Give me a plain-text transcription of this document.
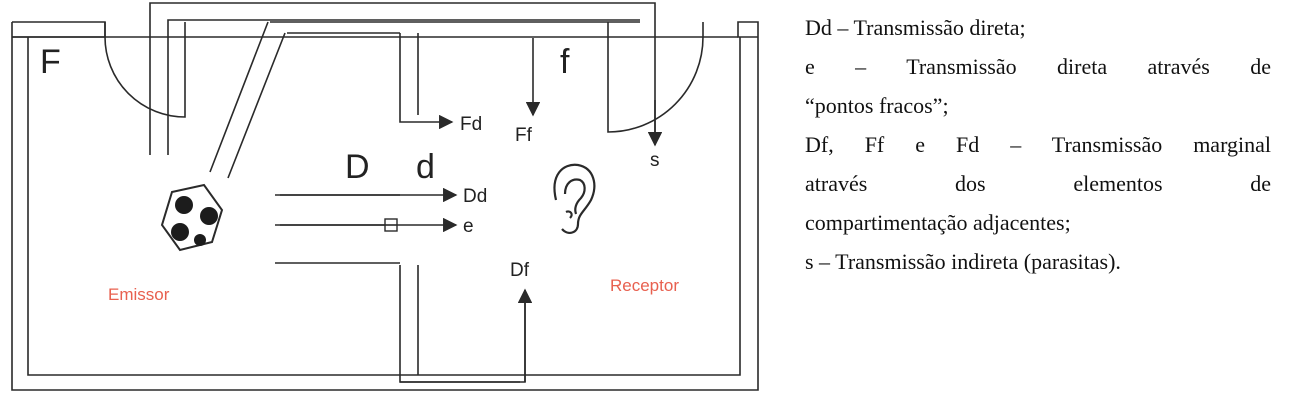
F	f
D d
Fd
Ff
Dd
e
Df
s
Emissor	Receptor
Dd – Transmissão direta;
e – Transmissão direta através de
“pontos fracos”;
Df, Ff e Fd – Transmissão marginal
através dos elementos de
compartimentação adjacentes;
s – Transmissão indireta (parasitas).
